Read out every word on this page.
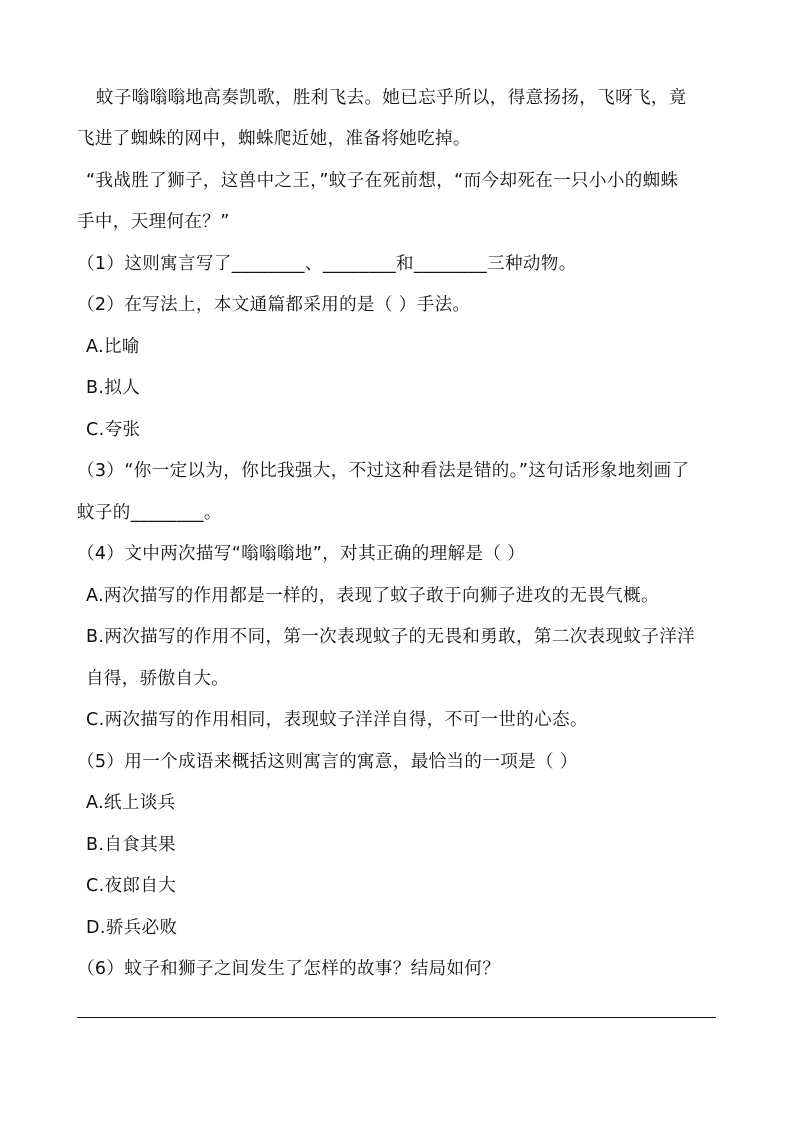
蚊子嗡嗡嗡地高奏凯歌，胜利飞去。她已忘乎所以，得意扬扬，飞呀飞，竟
飞进了蜘蛛的网中，蜘蛛爬近她，准备将她吃掉。
“我战胜了狮子，这兽中之王，”蚊子在死前想，“而今却死在一只小小的蜘蛛
手中，天理何在？”
（1）这则寓言写了________、________和________三种动物。
（2）在写法上，本文通篇都采用的是（ ）手法。
A.比喻
B.拟人
C.夸张
（3）“你一定以为，你比我强大，不过这种看法是错的。”这句话形象地刻画了
蚊子的________。
（4）文中两次描写“嗡嗡嗡地”，对其正确的理解是（ ）
A.两次描写的作用都是一样的，表现了蚊子敢于向狮子进攻的无畏气概。
B.两次描写的作用不同，第一次表现蚊子的无畏和勇敢，第二次表现蚊子洋洋
自得，骄傲自大。
C.两次描写的作用相同，表现蚊子洋洋自得，不可一世的心态。
（5）用一个成语来概括这则寓言的寓意，最恰当的一项是（ ）
A.纸上谈兵
B.自食其果
C.夜郎自大
D.骄兵必败
（6）蚊子和狮子之间发生了怎样的故事？结局如何？
